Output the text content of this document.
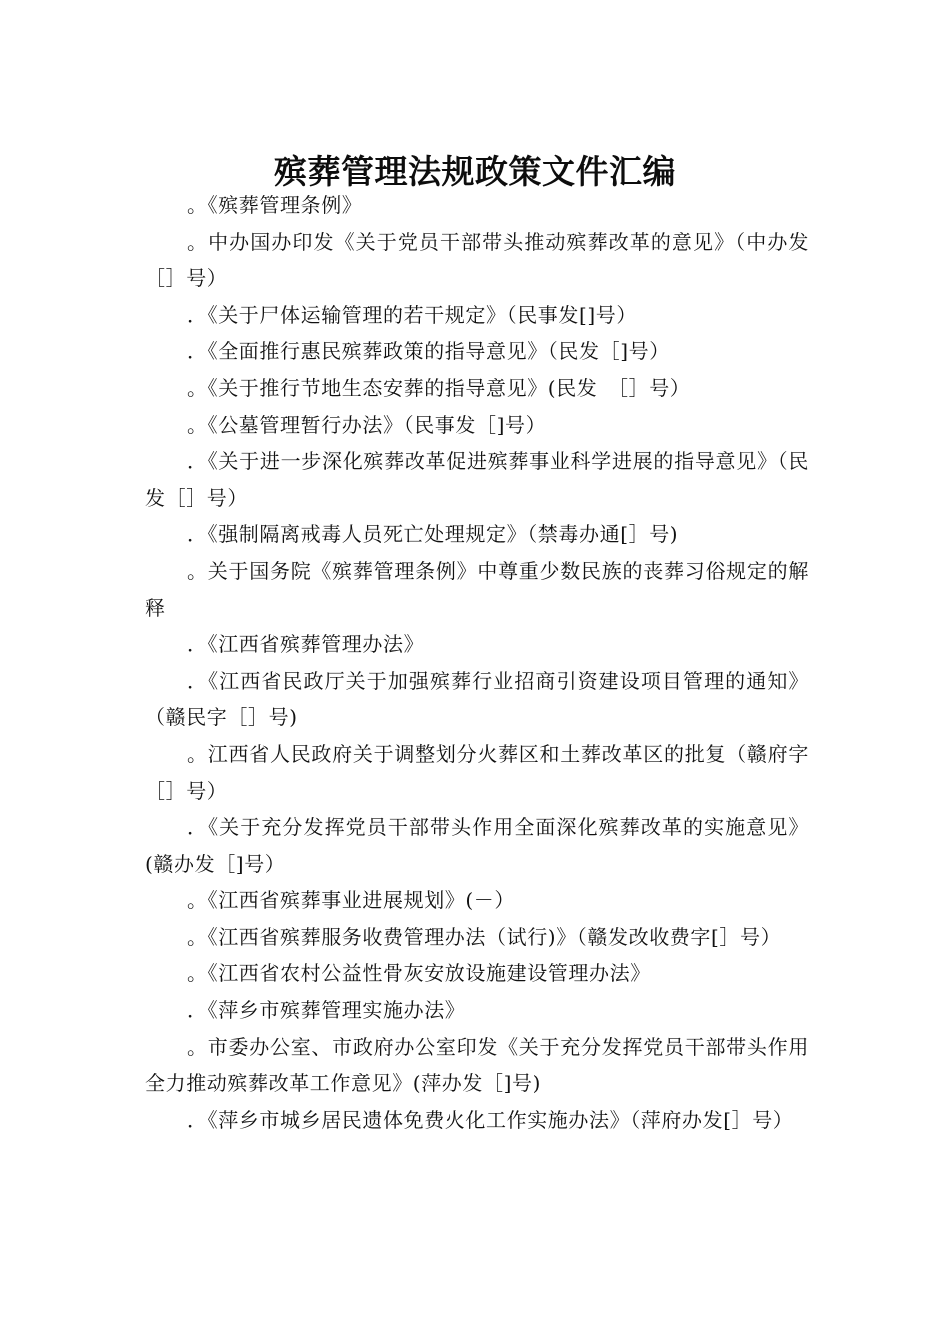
殡葬管理法规政策文件汇编
。《殡葬管理条例》
。中办国办印发《关于党员干部带头推动殡葬改革的意见》（中办发［］号）
．《关于尸体运输管理的若干规定》（民事发[]号）
．《全面推行惠民殡葬政策的指导意见》（民发［]号）
。《关于推行节地生态安葬的指导意见》(民发　［］号）
。《公墓管理暂行办法》（民事发［]号）
．《关于进一步深化殡葬改革促进殡葬事业科学进展的指导意见》（民发［］号）
．《强制隔离戒毒人员死亡处理规定》（禁毒办通[］号)
。关于国务院《殡葬管理条例》中尊重少数民族的丧葬习俗规定的解释
．《江西省殡葬管理办法》
．《江西省民政厅关于加强殡葬行业招商引资建设项目管理的通知》（赣民字［］号)
。江西省人民政府关于调整划分火葬区和土葬改革区的批复（赣府字［］号）
．《关于充分发挥党员干部带头作用全面深化殡葬改革的实施意见》(赣办发［]号）
。《江西省殡葬事业进展规划》(－）
。《江西省殡葬服务收费管理办法（试行)》（赣发改收费字[］号）
。《江西省农村公益性骨灰安放设施建设管理办法》
．《萍乡市殡葬管理实施办法》
。市委办公室、市政府办公室印发《关于充分发挥党员干部带头作用全力推动殡葬改革工作意见》(萍办发［]号)
．《萍乡市城乡居民遗体免费火化工作实施办法》（萍府办发[］号）
